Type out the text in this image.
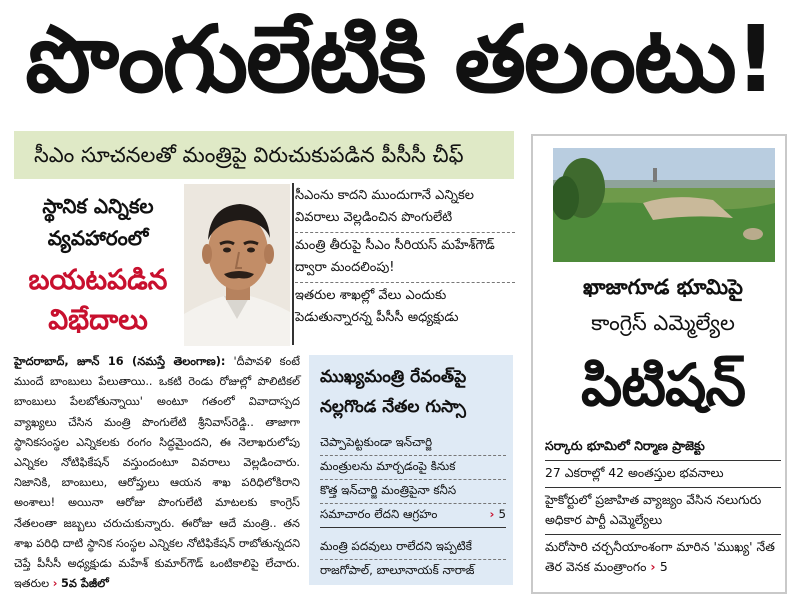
పొంగులేటికి తలంటు!
సీఎం సూచనలతో మంత్రిపై విరుచుకుపడిన పీసీసీ చీఫ్
స్థానిక ఎన్నికల
వ్యవహారంలో
బయటపడిన
విభేదాలు
సీఎంను కాదని ముందుగానే ఎన్నికల వివరాలు వెల్లడించిన పొంగులేటి
మంత్రి తీరుపై సీఎం సీరియస్ మహేశ్‌గౌడ్ ద్వారా మందలింపు!
ఇతరుల శాఖల్లో వేలు ఎందుకు పెడుతున్నారన్న పీసీసీ అధ్యక్షుడు
హైదరాబాద్, జూన్ 16 (నమస్తే తెలంగాణ): 'దీపావళి కంటే ముందే బాంబులు పేలుతాయి.. ఒకటి రెండు రోజుల్లో పొలిటికల్ బాంబులు పేలబోతున్నాయి' అంటూ గతంలో వివాదాస్పద వ్యాఖ్యలు చేసిన మంత్రి పొంగులేటి శ్రీనివాస్‌రెడ్డి.. తాజాగా స్థానికసంస్థల ఎన్నికలకు రంగం సిద్ధమైందని, ఈ నెలాఖరులోపు ఎన్నికల నోటిఫికేషన్ వస్తుందంటూ వివరాలు వెల్లడించారు. నిజానికి, బాంబులు, ఆరోప్తులు ఆయన శాఖ పరిధిలోకిరాని అంశాలు! అయినా ఆరోజు పొంగులేటి మాటలకు కాంగ్రెస్ నేతలంతా జబ్బలు చరుచుకున్నారు. ఈరోజు ఆదే మంత్రి.. తన శాఖ పరిధి దాటి స్థానిక సంస్థల ఎన్నికల నోటిఫికేషన్ రాబోతున్నదని చెప్తే పీసీసీ అధ్యక్షుడు మహేశ్‌ కుమార్‌గౌడ్ ఒంటికాలిపై లేచారు. ఇతరుల › 5వ పేజీలో
ముఖ్యమంత్రి రేవంత్‌పై నల్లగొండ నేతల గుస్సా
చెప్పాపెట్టకుండా ఇన్‌చార్జి
మంత్రులను మార్చడంపై కినుక
కొత్త ఇన్‌చార్జి మంత్రిపైనా కనీస
సమాచారం లేదని ఆగ్రహం	› 5
మంత్రి పదవులు రాలేదని ఇప్పటికే
రాజగోపాల్, బాలూనాయక్ నారాజ్
ఖాజాగూడ భూమిపై
కాంగ్రెస్ ఎమ్మెల్యేల
పిటిషన్
సర్కారు భూమిలో నిర్మాణ ప్రాజెక్టు
27 ఎకరాల్లో 42 అంతస్తుల భవనాలు
హైకోర్టులో ప్రజాహిత వ్యాజ్యం వేసిన నలుగురు అధికార పార్టీ ఎమ్మెల్యేలు
మరోసారి చర్చనీయాంశంగా మారిన 'ముఖ్య' నేత తెర వెనక మంత్రాంగం › 5
